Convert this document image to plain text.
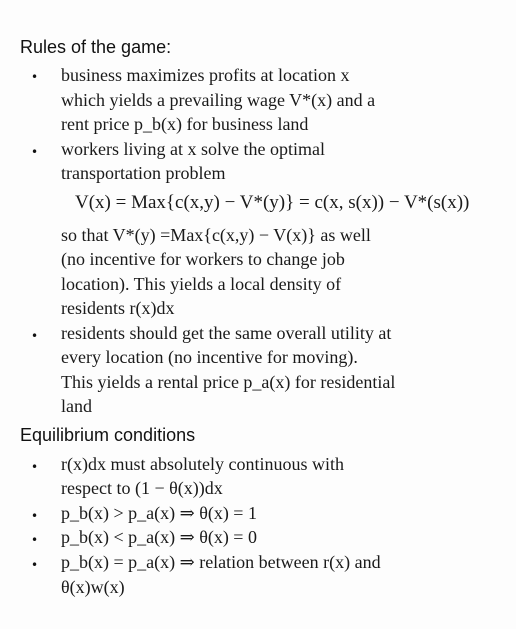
Rules of the game:
• business maximizes profits at location x
which yields a prevailing wage V*(x) and a
rent price p_b(x) for business land
• workers living at x solve the optimal
transportation problem
V(x) = Max{c(x,y) − V*(y)} = c(x, s(x)) − V*(s(x))
so that V*(y) =Max{c(x,y) − V(x)} as well
(no incentive for workers to change job
location). This yields a local density of
residents r(x)dx
• residents should get the same overall utility at
every location (no incentive for moving).
This yields a rental price p_a(x) for residential
land
Equilibrium conditions
• r(x)dx must absolutely continuous with
respect to (1 − θ(x))dx
• p_b(x) > p_a(x) ⇒ θ(x) = 1
• p_b(x) < p_a(x) ⇒ θ(x) = 0
• p_b(x) = p_a(x) ⇒ relation between r(x) and
θ(x)w(x)
